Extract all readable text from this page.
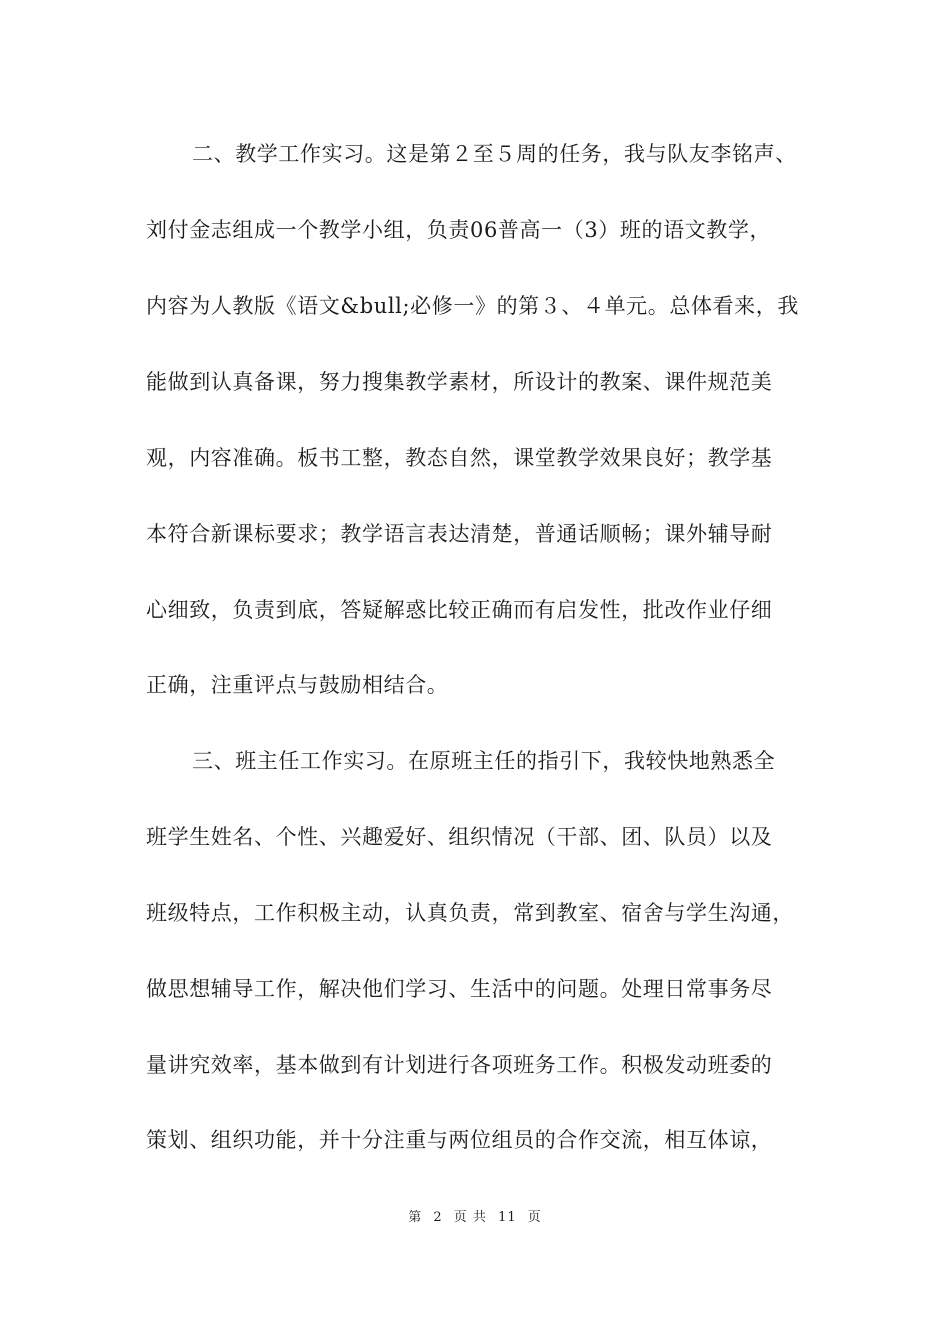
二、教学工作实习。这是第２至５周的任务，我与队友李铭声、
刘付金志组成一个教学小组，负责06普高一（3）班的语文教学，
内容为人教版《语文&bull;必修一》的第３、４单元。总体看来，我
能做到认真备课，努力搜集教学素材，所设计的教案、课件规范美
观，内容准确。板书工整，教态自然，课堂教学效果良好；教学基
本符合新课标要求；教学语言表达清楚，普通话顺畅；课外辅导耐
心细致，负责到底，答疑解惑比较正确而有启发性，批改作业仔细
正确，注重评点与鼓励相结合。
三、班主任工作实习。在原班主任的指引下，我较快地熟悉全
班学生姓名、个性、兴趣爱好、组织情况（干部、团、队员）以及
班级特点，工作积极主动，认真负责，常到教室、宿舍与学生沟通，
做思想辅导工作，解决他们学习、生活中的问题。处理日常事务尽
量讲究效率，基本做到有计划进行各项班务工作。积极发动班委的
策划、组织功能，并十分注重与两位组员的合作交流，相互体谅，
第 2 页 共 11 页
